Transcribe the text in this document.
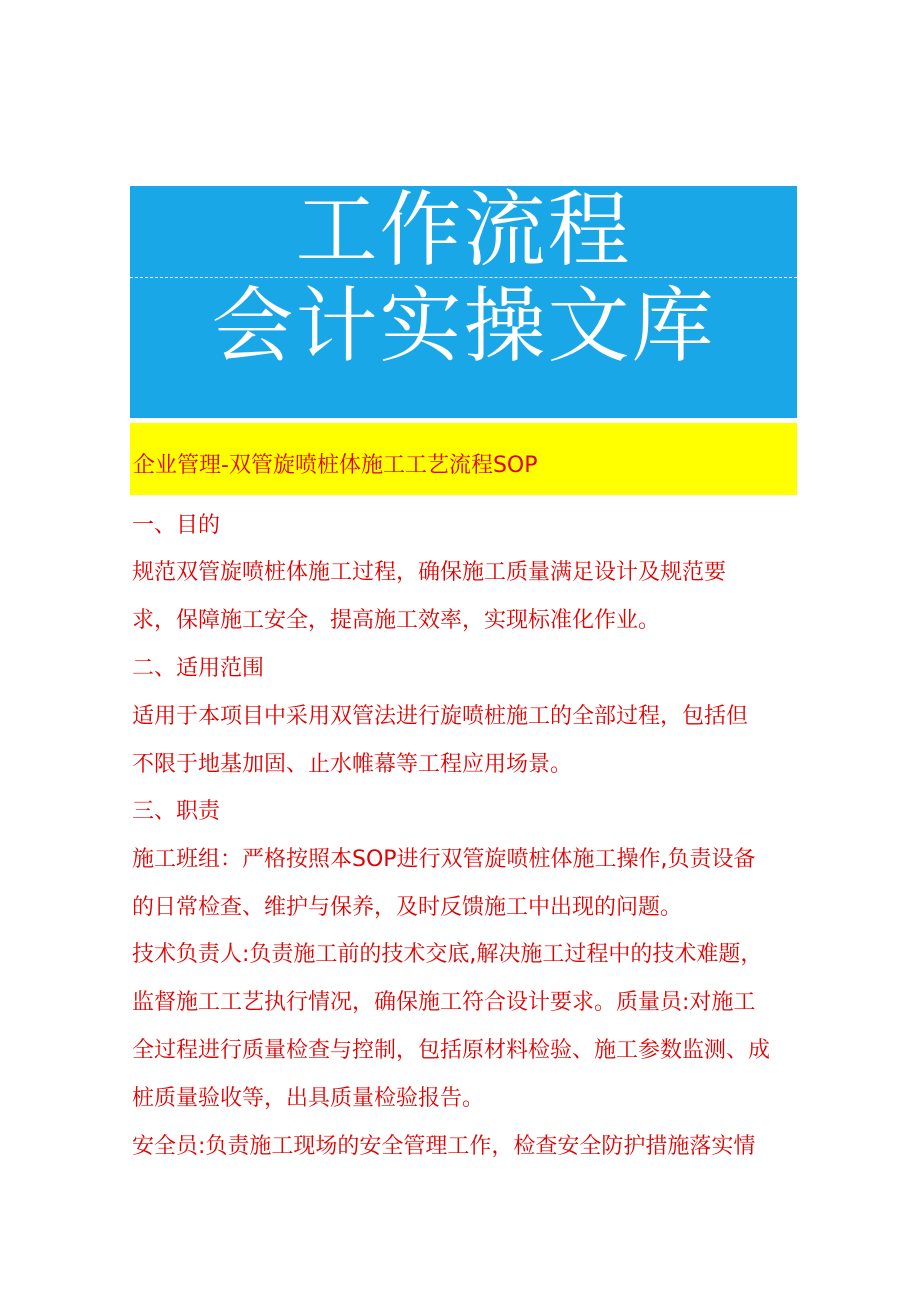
工作流程
会计实操文库
企业管理-双管旋喷桩体施工工艺流程SOP
一、目的
规范双管旋喷桩体施工过程，确保施工质量满足设计及规范要
求，保障施工安全，提高施工效率，实现标准化作业。
二、适用范围
适用于本项目中采用双管法进行旋喷桩施工的全部过程，包括但
不限于地基加固、止水帷幕等工程应用场景。
三、职责
施工班组：严格按照本SOP进行双管旋喷桩体施工操作,负责设备
的日常检查、维护与保养，及时反馈施工中出现的问题。
技术负责人:负责施工前的技术交底,解决施工过程中的技术难题，
监督施工工艺执行情况，确保施工符合设计要求。质量员:对施工
全过程进行质量检查与控制，包括原材料检验、施工参数监测、成
桩质量验收等，出具质量检验报告。
安全员:负责施工现场的安全管理工作，检查安全防护措施落实情
